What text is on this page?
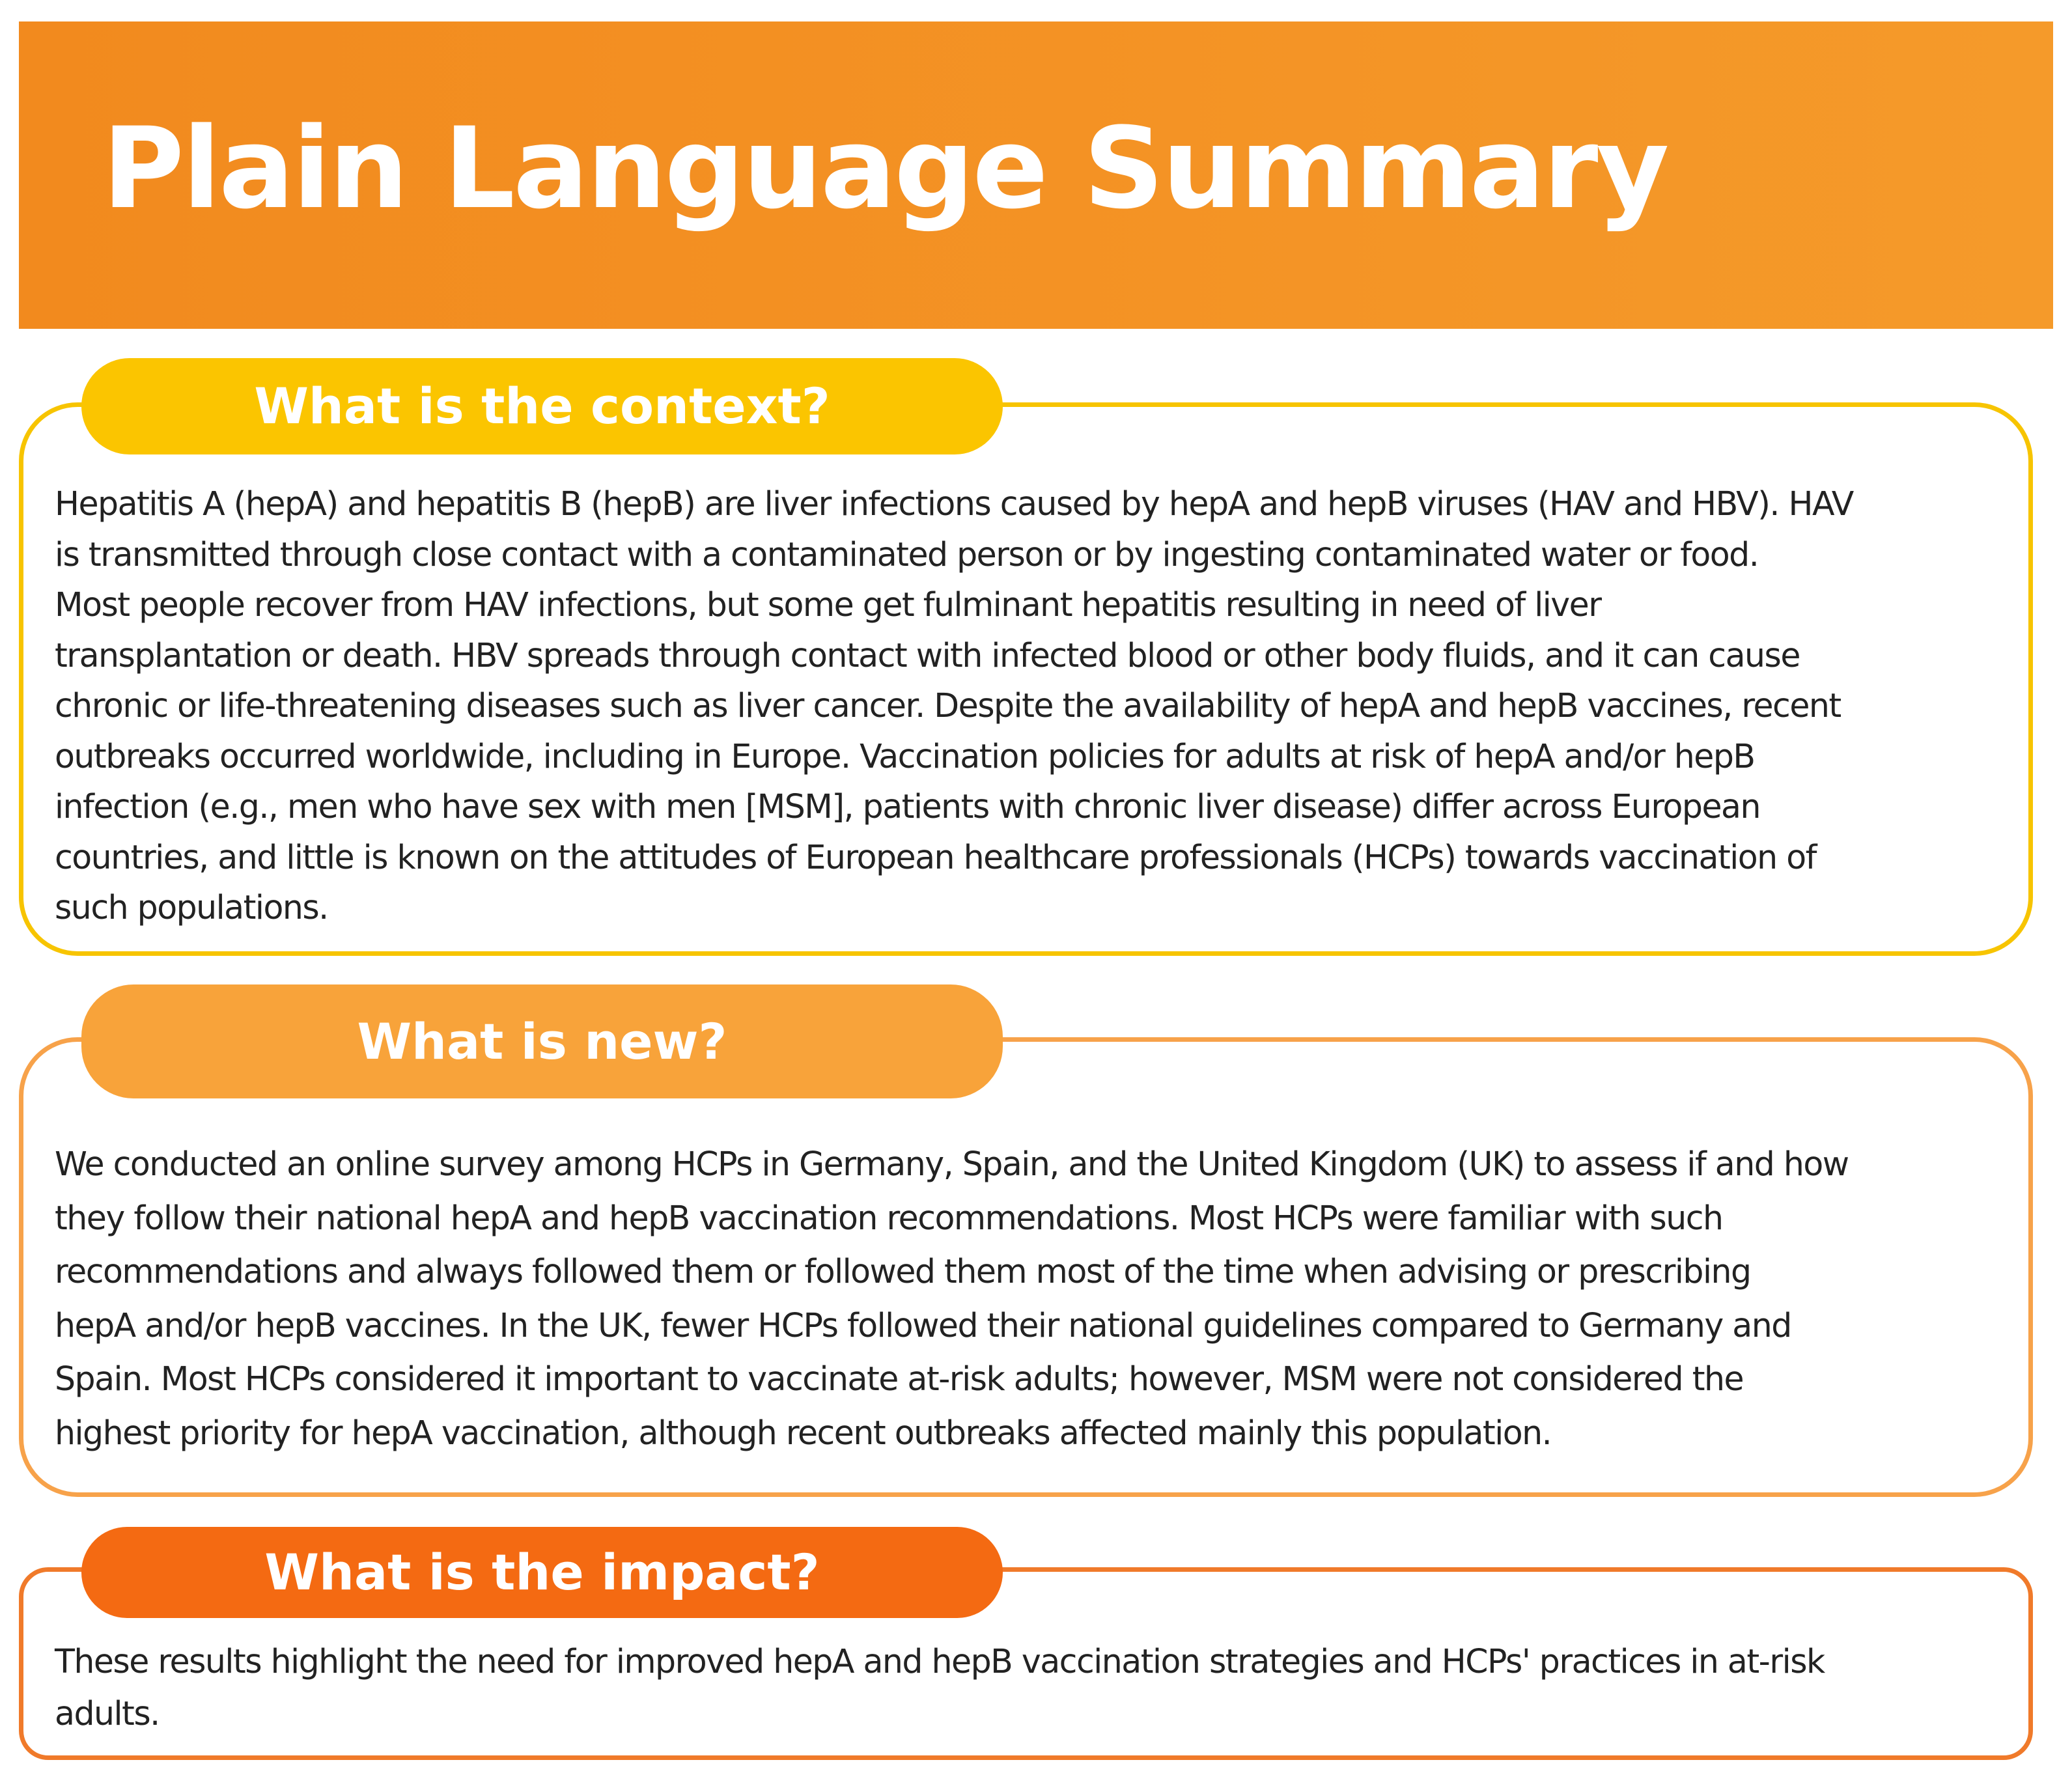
Plain Language Summary
What is the context?

Hepatitis A (hepA) and hepatitis B (hepB) are liver infections caused by hepA and hepB viruses (HAV and HBV). HAV
is transmitted through close contact with a contaminated person or by ingesting contaminated water or food.
Most people recover from HAV infections, but some get fulminant hepatitis resulting in need of liver
transplantation or death. HBV spreads through contact with infected blood or other body fluids, and it can cause
chronic or life-threatening diseases such as liver cancer. Despite the availability of hepA and hepB vaccines, recent
outbreaks occurred worldwide, including in Europe. Vaccination policies for adults at risk of hepA and/or hepB
infection (e.g., men who have sex with men [MSM], patients with chronic liver disease) differ across European
countries, and little is known on the attitudes of European healthcare professionals (HCPs) towards vaccination of
such populations.

What is new?

We conducted an online survey among HCPs in Germany, Spain, and the United Kingdom (UK) to assess if and how
they follow their national hepA and hepB vaccination recommendations. Most HCPs were familiar with such
recommendations and always followed them or followed them most of the time when advising or prescribing
hepA and/or hepB vaccines. In the UK, fewer HCPs followed their national guidelines compared to Germany and
Spain. Most HCPs considered it important to vaccinate at-risk adults; however, MSM were not considered the
highest priority for hepA vaccination, although recent outbreaks affected mainly this population.

What is the impact?

These results highlight the need for improved hepA and hepB vaccination strategies and HCPs' practices in at-risk
adults.
